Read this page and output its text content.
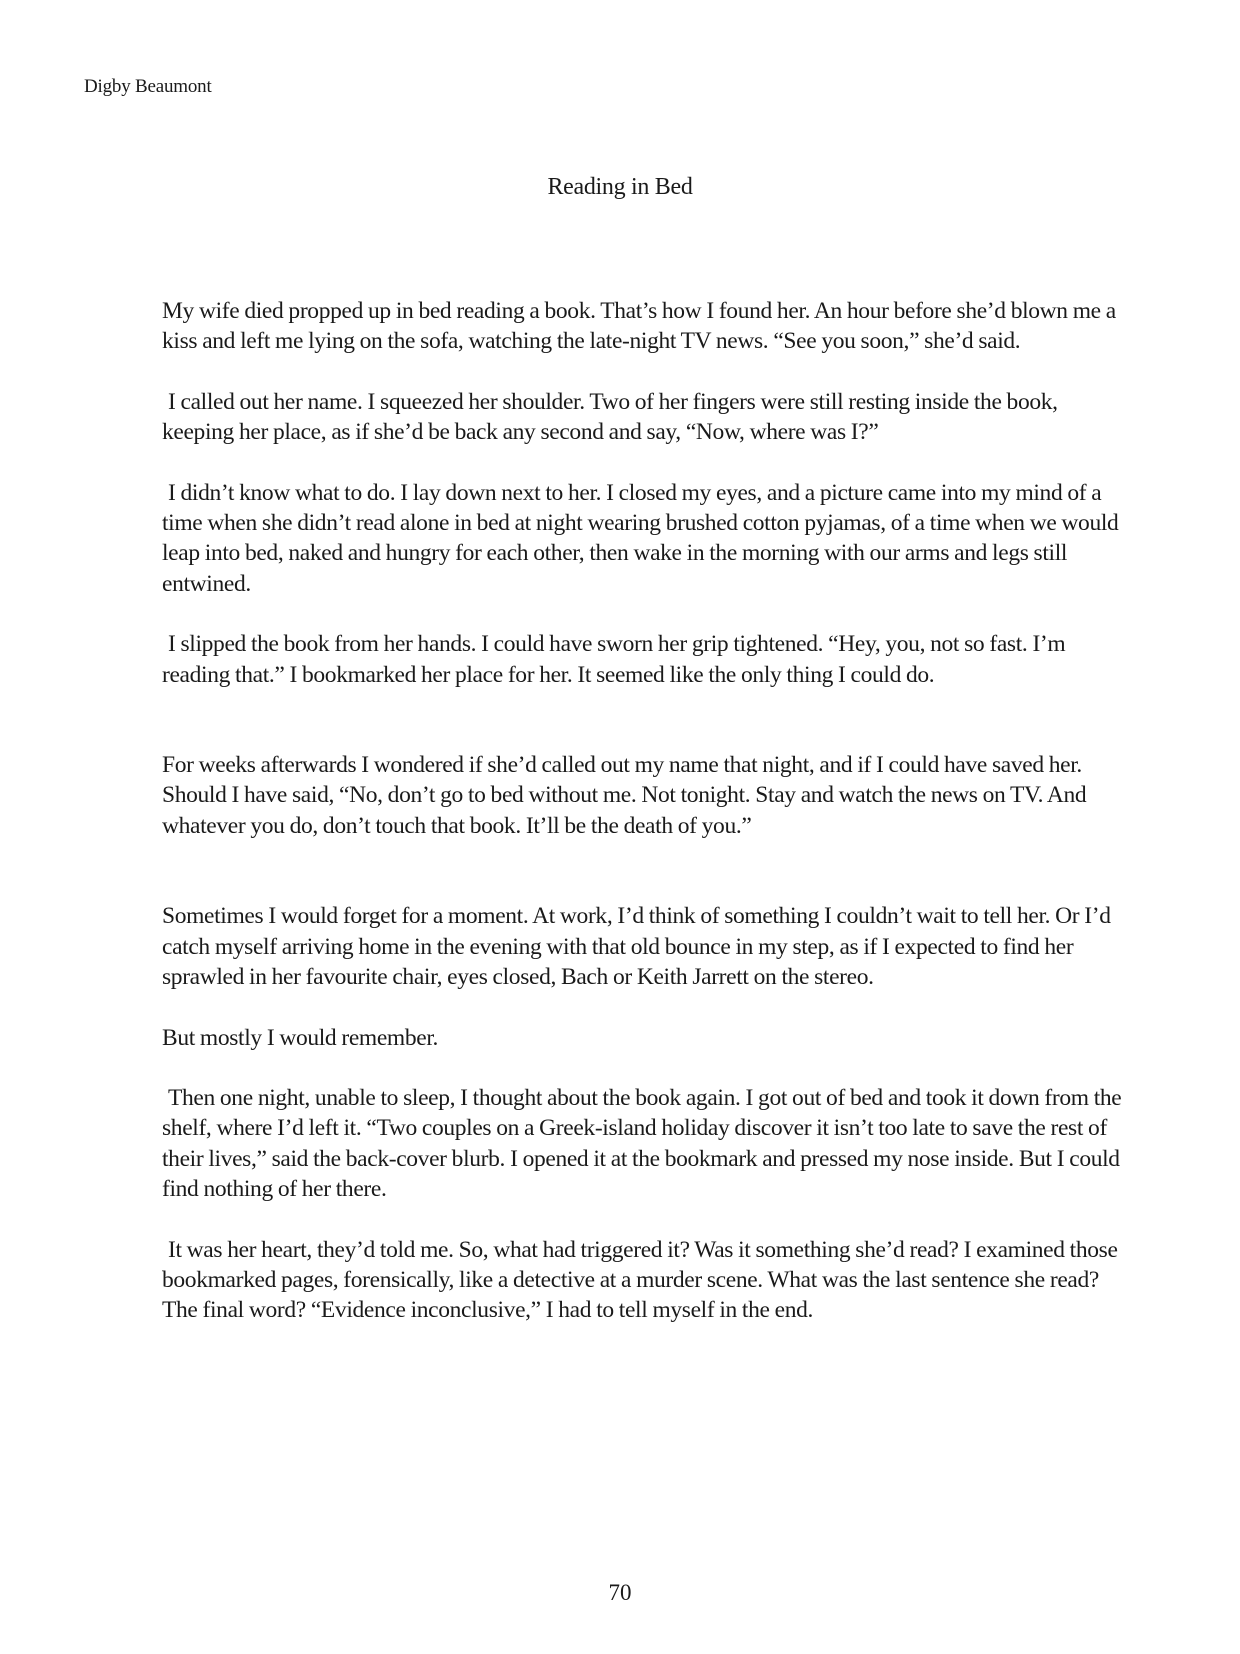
Digby Beaumont
Reading in Bed

My wife died propped up in bed reading a book. That’s how I found her. An hour before she’d blown me a kiss and left me lying on the sofa, watching the late-night TV news. “See you soon,” she’d said.

I called out her name. I squeezed her shoulder. Two of her fingers were still resting inside the book, keeping her place, as if she’d be back any second and say, “Now, where was I?”

I didn’t know what to do. I lay down next to her. I closed my eyes, and a picture came into my mind of a time when she didn’t read alone in bed at night wearing brushed cotton pyjamas, of a time when we would leap into bed, naked and hungry for each other, then wake in the morning with our arms and legs still entwined.

I slipped the book from her hands. I could have sworn her grip tightened. “Hey, you, not so fast. I’m reading that.” I bookmarked her place for her. It seemed like the only thing I could do.

For weeks afterwards I wondered if she’d called out my name that night, and if I could have saved her. Should I have said, “No, don’t go to bed without me. Not tonight. Stay and watch the news on TV. And whatever you do, don’t touch that book. It’ll be the death of you.”

Sometimes I would forget for a moment. At work, I’d think of something I couldn’t wait to tell her. Or I’d catch myself arriving home in the evening with that old bounce in my step, as if I expected to find her sprawled in her favourite chair, eyes closed, Bach or Keith Jarrett on the stereo.

But mostly I would remember.

Then one night, unable to sleep, I thought about the book again. I got out of bed and took it down from the shelf, where I’d left it. “Two couples on a Greek-island holiday discover it isn’t too late to save the rest of their lives,” said the back-cover blurb. I opened it at the bookmark and pressed my nose inside. But I could find nothing of her there.

It was her heart, they’d told me. So, what had triggered it? Was it something she’d read? I examined those bookmarked pages, forensically, like a detective at a murder scene. What was the last sentence she read? The final word? “Evidence inconclusive,” I had to tell myself in the end.

70
